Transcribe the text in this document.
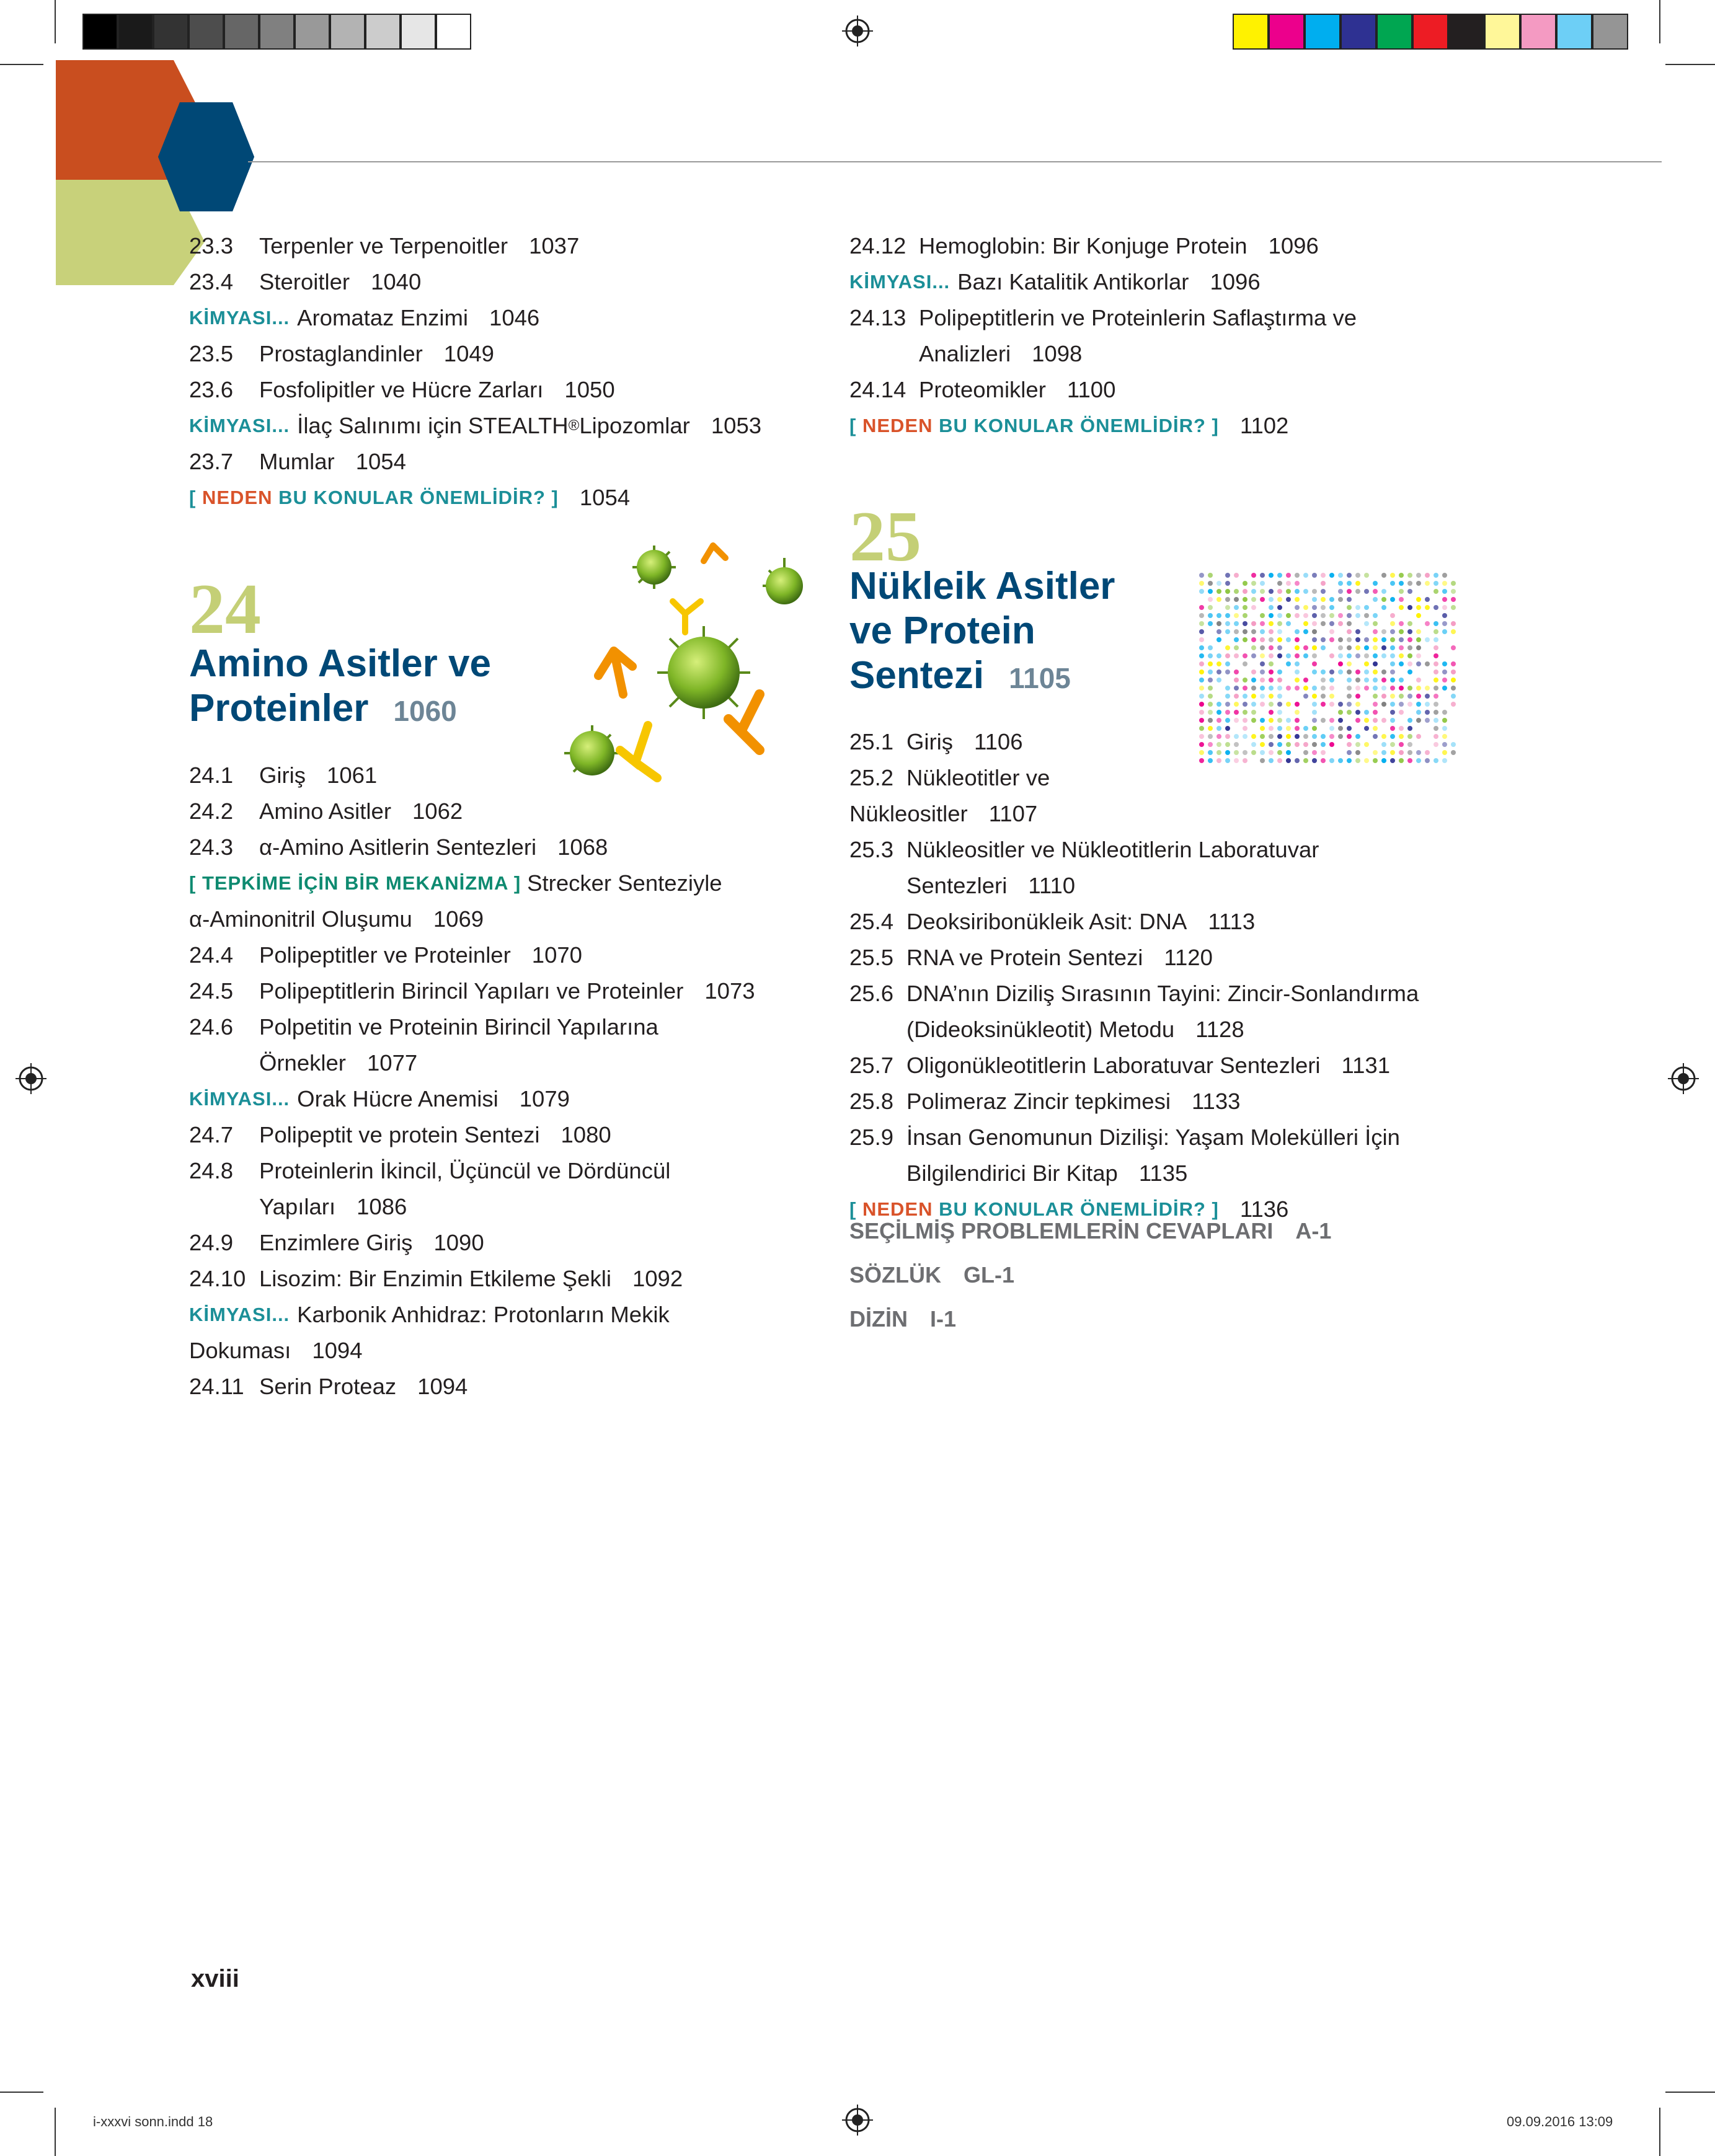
23.3	Terpenler ve Terpenoitler 1037
23.4	Steroitler 1040
KİMYASI... Aromataz Enzimi 1046
23.5	Prostaglandinler 1049
23.6	Fosfolipitler ve Hücre Zarları 1050
KİMYASI... İlaç Salınımı için STEALTH ® Lipozomlar 1053
23.7	Mumlar 1054
[ NEDEN BU KONULAR ÖNEMLİDİR? ] 1054
24
Amino Asitler ve
Proteinler 1060
24.1	Giriş 1061
24.2	Amino Asitler 1062
24.3	α-Amino Asitlerin Sentezleri 1068
[ TEPKİME İÇİN BİR MEKANİZMA ] Strecker Senteziyle
α-Aminonitril Oluşumu 1069
24.4	Polipeptitler ve Proteinler 1070
24.5	Polipeptitlerin Birincil Yapıları ve Proteinler 1073
24.6	Polpetitin ve Proteinin Birincil Yapılarına
Örnekler 1077
KİMYASI... Orak Hücre Anemisi 1079
24.7	Polipeptit ve protein Sentezi 1080
24.8	Proteinlerin İkincil, Üçüncül ve Dördüncül
Yapıları 1086
24.9	Enzimlere Giriş 1090
24.10 Lisozim: Bir Enzimin Etkileme Şekli 1092
KİMYASI... Karbonik Anhidraz: Protonların Mekik
Dokuması 1094
24.11 Serin Proteaz 1094
24.12 Hemoglobin: Bir Konjuge Protein 1096
KİMYASI... Bazı Katalitik Antikorlar 1096
24.13 Polipeptitlerin ve Proteinlerin Saflaştırma ve
Analizleri 1098
24.14 Proteomikler 1100
[ NEDEN BU KONULAR ÖNEMLİDİR? ] 1102
25
Nükleik Asitler
ve Protein
Sentezi 1105
25.1 Giriş 1106
25.2 Nükleotitler ve
Nükleositler 1107
25.3 Nükleositler ve Nükleotitlerin Laboratuvar
Sentezleri 1110
25.4 Deoksiribonükleik Asit: DNA 1113
25.5 RNA ve Protein Sentezi 1120
25.6 DNA’nın Diziliş Sırasının Tayini: Zincir-Sonlandırma
(Dideoksinükleotit) Metodu 1128
25.7 Oligonükleotitlerin Laboratuvar Sentezleri 1131
25.8 Polimeraz Zincir tepkimesi 1133
25.9 İnsan Genomunun Dizilişi: Yaşam Molekülleri İçin
Bilgilendirici Bir Kitap 1135
[ NEDEN BU KONULAR ÖNEMLİDİR? ] 1136
SEÇİLMİŞ PROBLEMLERİN CEVAPLARI A-1
SÖZLÜK GL-1
DİZİN I-1
xviii
i-xxxvi sonn.indd 18	09.09.2016 13:09
